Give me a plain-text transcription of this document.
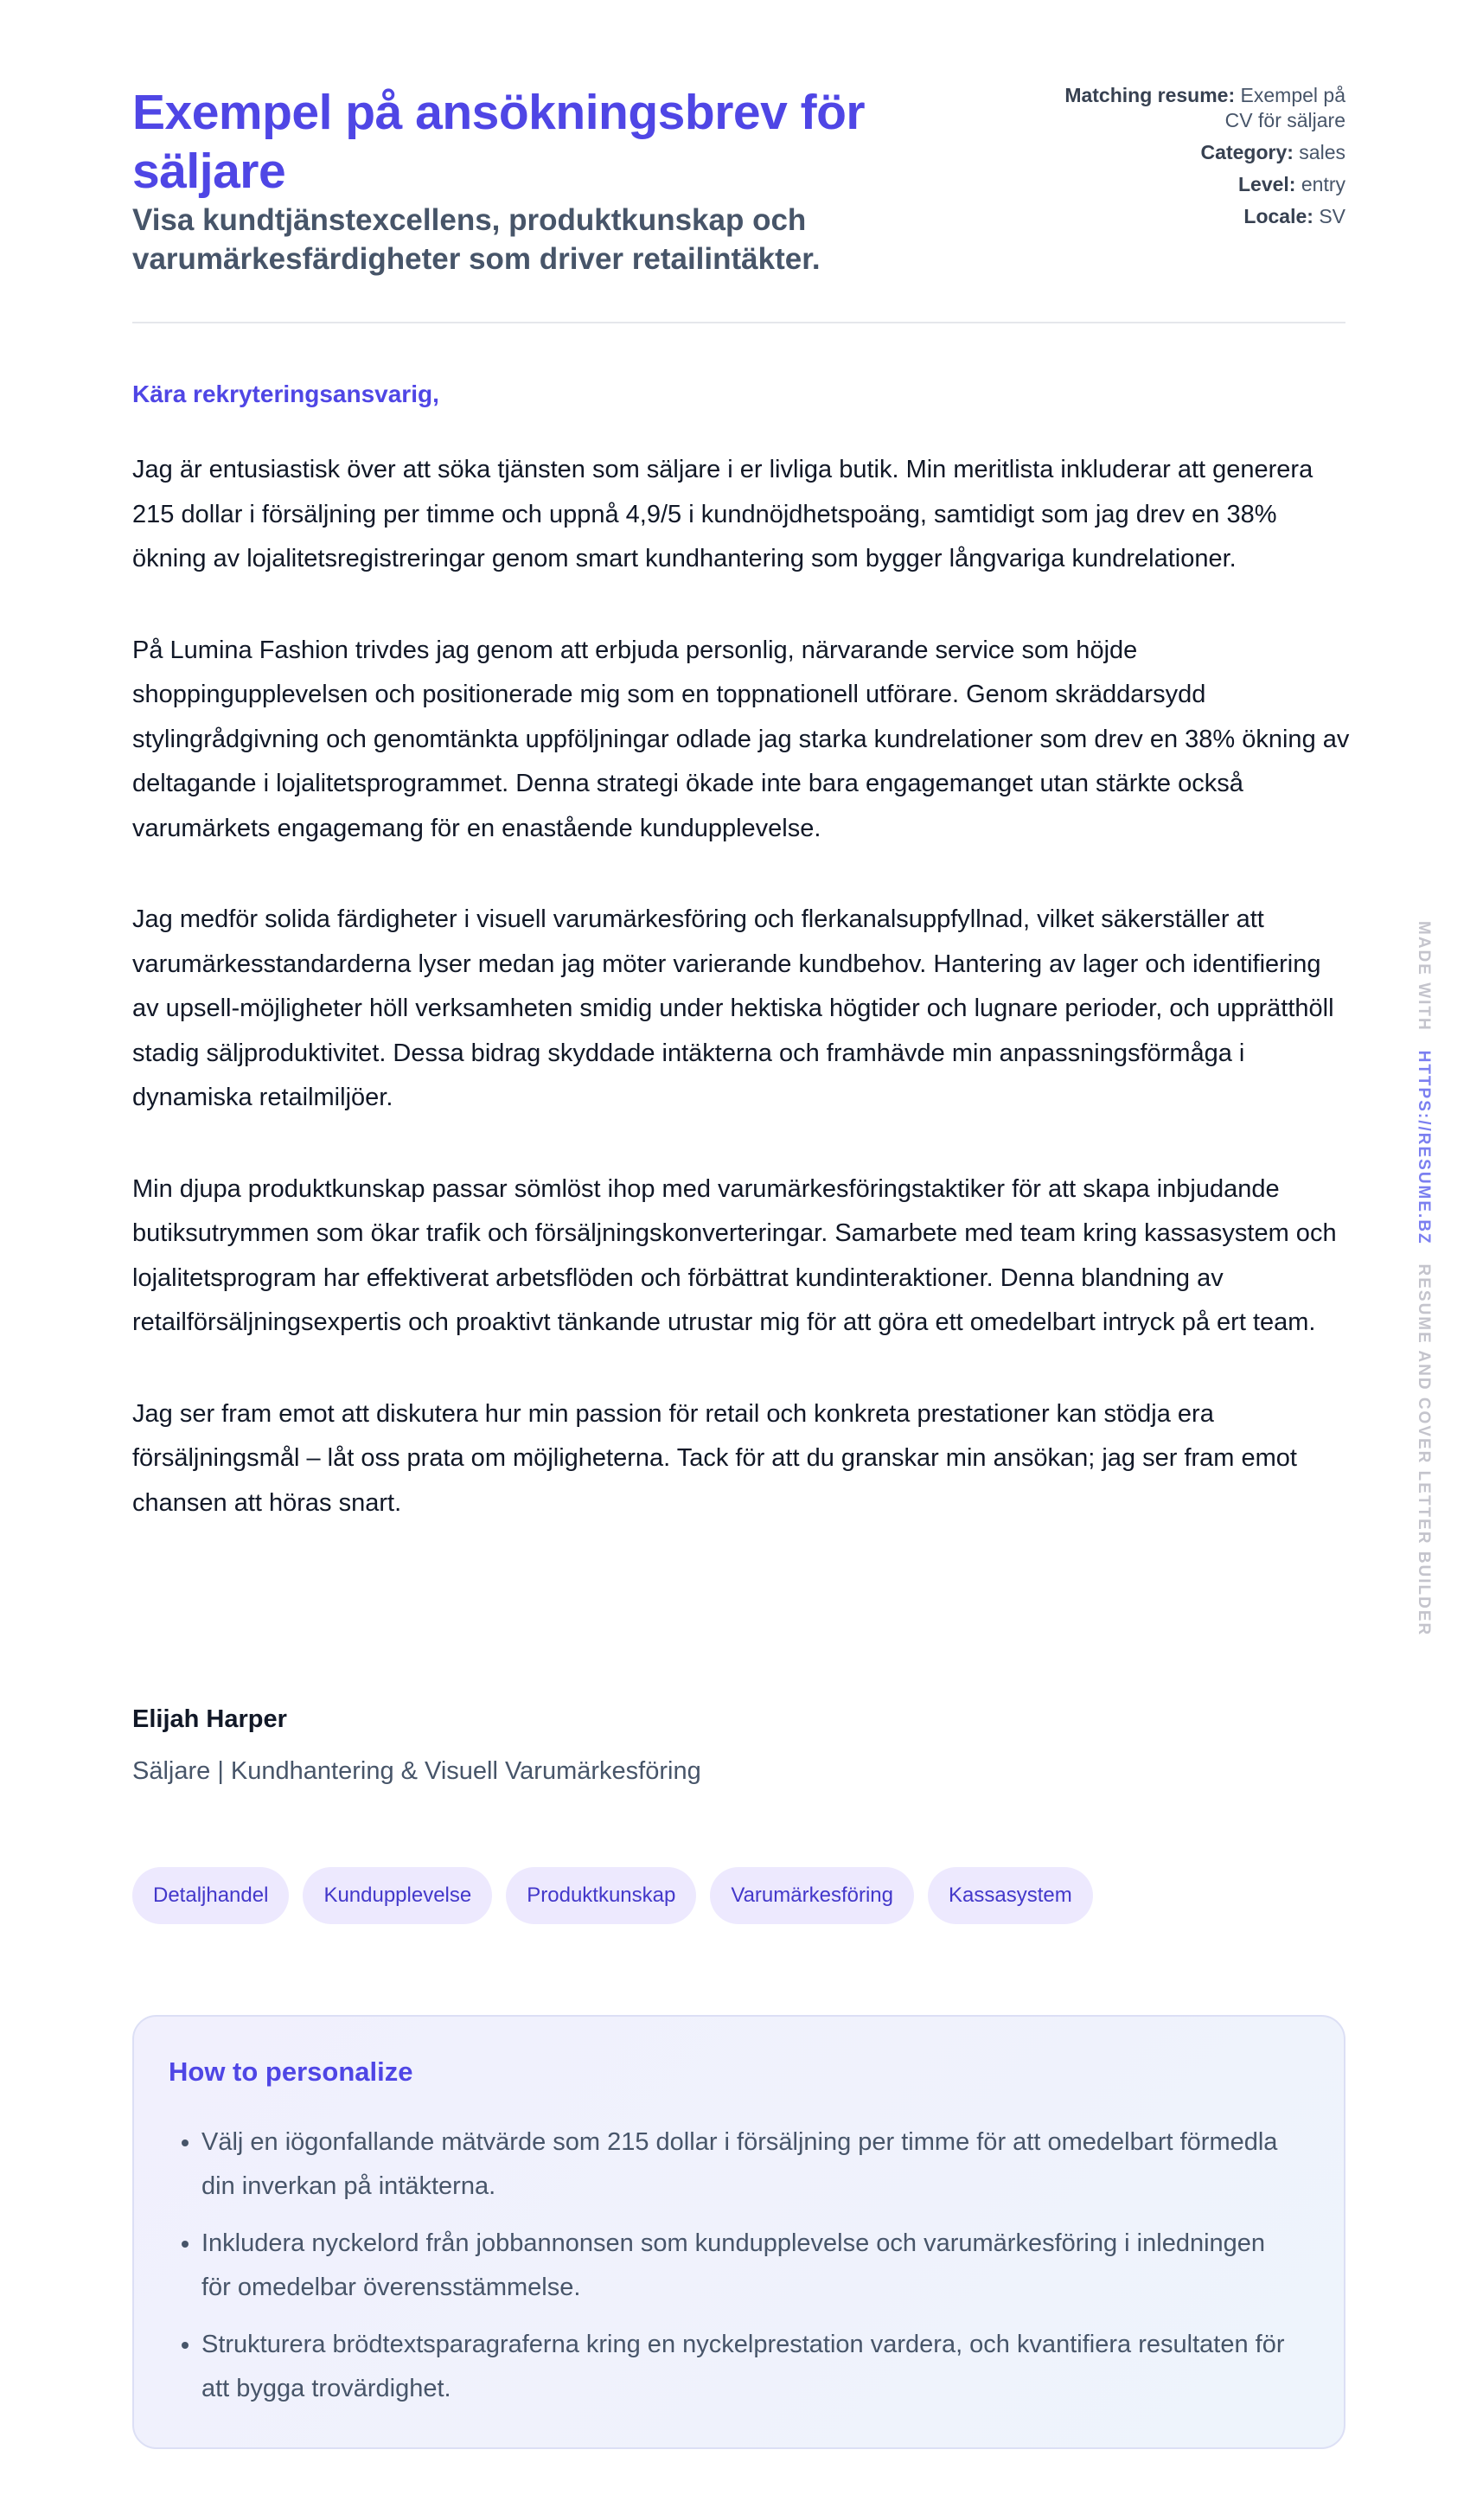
Exempel på ansökningsbrev för säljare
Visa kundtjänstexcellens, produktkunskap och varumärkesfärdigheter som driver retailintäkter.
Matching resume: Exempel på CV för säljare
Category: sales
Level: entry
Locale: SV
Kära rekryteringsansvarig,

Jag är entusiastisk över att söka tjänsten som säljare i er livliga butik. Min meritlista inkluderar att generera 215 dollar i försäljning per timme och uppnå 4,9/5 i kundnöjdhetspoäng, samtidigt som jag drev en 38% ökning av lojalitetsregistreringar genom smart kundhantering som bygger långvariga kundrelationer.

På Lumina Fashion trivdes jag genom att erbjuda personlig, närvarande service som höjde shoppingupplevelsen och positionerade mig som en toppnationell utförare. Genom skräddarsydd stylingrådgivning och genomtänkta uppföljningar odlade jag starka kundrelationer som drev en 38% ökning av deltagande i lojalitetsprogrammet. Denna strategi ökade inte bara engagemanget utan stärkte också varumärkets engagemang för en enastående kundupplevelse.

Jag medför solida färdigheter i visuell varumärkesföring och flerkanalsuppfyllnad, vilket säkerställer att varumärkesstandarderna lyser medan jag möter varierande kundbehov. Hantering av lager och identifiering av upsell-möjligheter höll verksamheten smidig under hektiska högtider och lugnare perioder, och upprätthöll stadig säljproduktivitet. Dessa bidrag skyddade intäkterna och framhävde min anpassningsförmåga i dynamiska retailmiljöer.

Min djupa produktkunskap passar sömlöst ihop med varumärkesföringstaktiker för att skapa inbjudande butiksutrymmen som ökar trafik och försäljningskonverteringar. Samarbete med team kring kassasystem och lojalitetsprogram har effektiverat arbetsflöden och förbättrat kundinteraktioner. Denna blandning av retailförsäljningsexpertis och proaktivt tänkande utrustar mig för att göra ett omedelbart intryck på ert team.

Jag ser fram emot att diskutera hur min passion för retail och konkreta prestationer kan stödja era försäljningsmål – låt oss prata om möjligheterna. Tack för att du granskar min ansökan; jag ser fram emot chansen att höras snart.

Elijah Harper
Säljare | Kundhantering & Visuell Varumärkesföring
Detaljhandel	Kundupplevelse	Produktkunskap	Varumärkesföring	Kassasystem
How to personalize
• Välj en iögonfallande mätvärde som 215 dollar i försäljning per timme för att omedelbart förmedla din inverkan på intäkterna.
• Inkludera nyckelord från jobbannonsen som kundupplevelse och varumärkesföring i inledningen för omedelbar överensstämmelse.
• Strukturera brödtextsparagraferna kring en nyckelprestation vardera, och kvantifiera resultaten för att bygga trovärdighet.
MADE WITH   HTTPS://RESUME.BZ   RESUME AND COVER LETTER BUILDER
